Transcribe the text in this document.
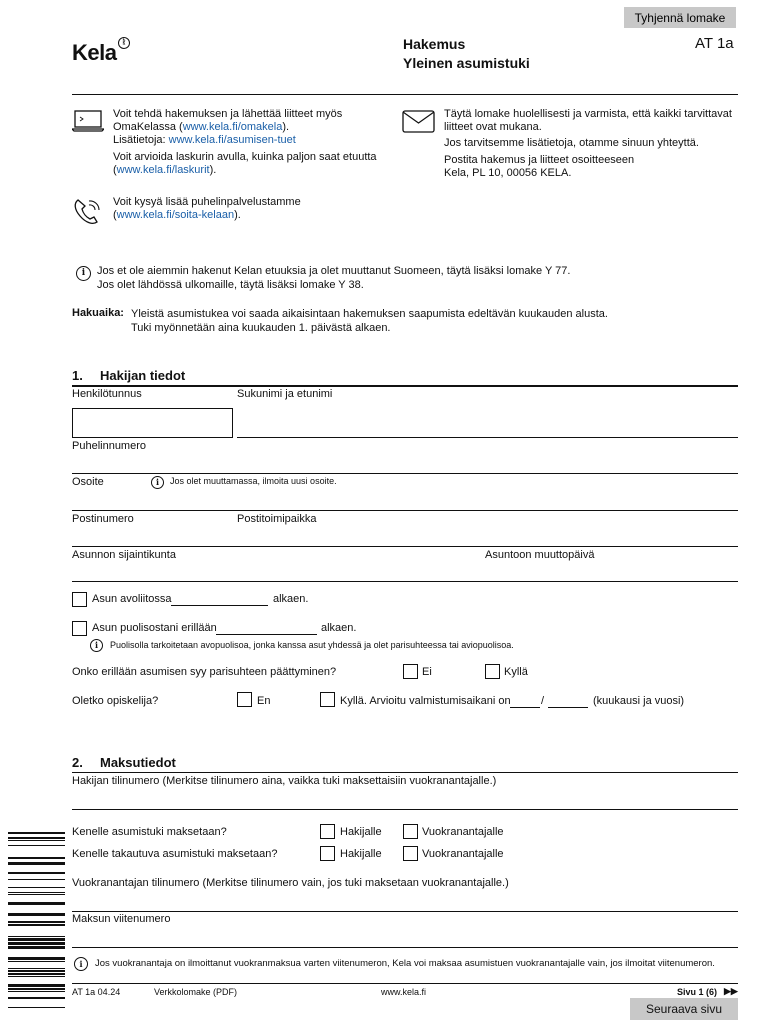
Tyhjennä lomake
Kela ᚱ	Hakemus
Yleinen asumistuki
AT 1a

Voit tehdä hakemuksen ja lähettää liitteet myös

OmaKelassa (www.kela.fi/omakela).

Lisätietoja: www.kela.fi/asumisen-tuet

Voit arvioida laskurin avulla, kuinka paljon saat etuutta

(www.kela.fi/laskurit).

Voit kysyä lisää puhelinpalvelustamme

(www.kela.fi/soita-kelaan).

Täytä lomake huolellisesti ja varmista, että kaikki tarvittavat

liitteet ovat mukana.

Jos tarvitsemme lisätietoja, otamme sinuun yhteyttä.

Postita hakemus ja liitteet osoitteeseen

Kela, PL 10, 00056 KELA.

i	Jos et ole aiemmin hakenut Kelan etuuksia ja olet muuttanut Suomeen, täytä lisäksi lomake Y 77.
Jos olet lähdössä ulkomaille, täytä lisäksi lomake Y 38.
Hakuaika: Yleistä asumistukea voi saada aikaisintaan hakemuksen saapumista edeltävän kuukauden alusta.
Tuki myönnetään aina kuukauden 1. päivästä alkaen.
1. Hakijan tiedot
Henkilötunnus	Sukunimi ja etunimi
Puhelinnumero
Osoite	i	Jos olet muuttamassa, ilmoita uusi osoite.
Postinumero	Postitoimipaikka
Asunnon sijaintikunta	Asuntoon muuttopäivä
Asun avoliitossa	alkaen.
Asun puolisostani erillään	alkaen.
i	Puolisolla tarkoitetaan avopuolisoa, jonka kanssa asut yhdessä ja olet parisuhteessa tai aviopuolisoa.
Onko erillään asumisen syy parisuhteen päättyminen?	Ei	Kyllä
Oletko opiskelija?	En	Kyllä. Arvioitu valmistumisaikani on	/	(kuukausi ja vuosi)
2. Maksutiedot
Hakijan tilinumero (Merkitse tilinumero aina, vaikka tuki maksettaisiin vuokranantajalle.)
Kenelle asumistuki maksetaan?	Hakijalle	Vuokranantajalle
Kenelle takautuva asumistuki maksetaan?	Hakijalle	Vuokranantajalle
Vuokranantajan tilinumero (Merkitse tilinumero vain, jos tuki maksetaan vuokranantajalle.)
Maksun viitenumero
i	Jos vuokranantaja on ilmoittanut vuokranmaksua varten viitenumeron, Kela voi maksaa asumistuen vuokranantajalle vain, jos ilmoitat viitenumeron.
AT 1a 04.24	Verkkolomake (PDF)	www.kela.fi	Sivu 1 (6) ▶▶
Seuraava sivu
